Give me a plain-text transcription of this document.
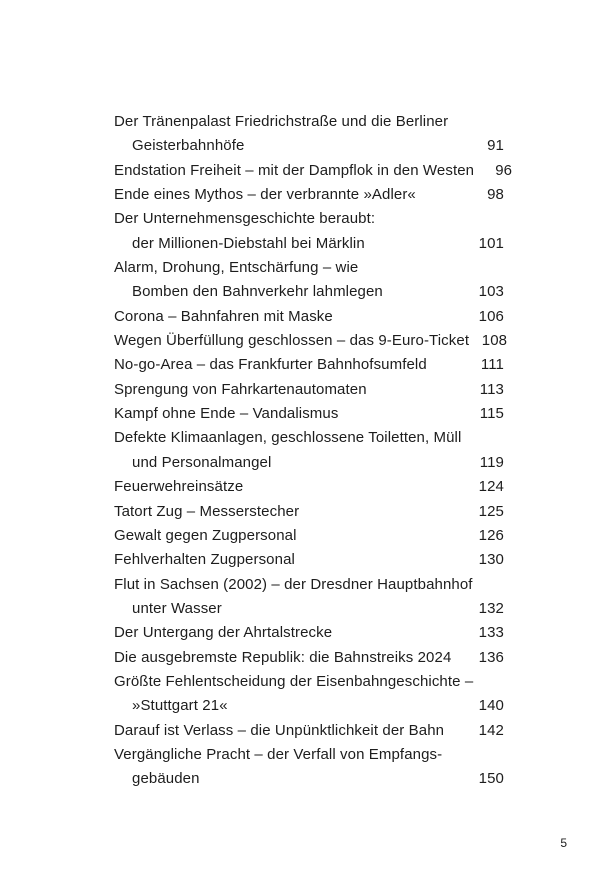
Der Tränenpalast Friedrichstraße und die Berliner
Geisterbahnhöfe	91
Endstation Freiheit – mit der Dampflok in den Westen	96
Ende eines Mythos – der verbrannte »Adler«	98
Der Unternehmensgeschichte beraubt:
der Millionen-Diebstahl bei Märklin	101
Alarm, Drohung, Entschärfung – wie
Bomben den Bahnverkehr lahmlegen	103
Corona – Bahnfahren mit Maske	106
Wegen Überfüllung geschlossen – das 9-Euro-Ticket 108
No-go-Area – das Frankfurter Bahnhofsumfeld	111
Sprengung von Fahrkartenautomaten	113
Kampf ohne Ende – Vandalismus	115
Defekte Klimaanlagen, geschlossene Toiletten, Müll
und Personalmangel	119
Feuerwehreinsätze	124
Tatort Zug – Messerstecher	125
Gewalt gegen Zugpersonal	126
Fehlverhalten Zugpersonal	130
Flut in Sachsen (2002) – der Dresdner Hauptbahnhof
unter Wasser	132
Der Untergang der Ahrtalstrecke	133
Die ausgebremste Republik: die Bahnstreiks 2024	136
Größte Fehlentscheidung der Eisenbahngeschichte –
»Stuttgart 21«	140
Darauf ist Verlass – die Unpünktlichkeit der Bahn	142
Vergängliche Pracht – der Verfall von Empfangs-
gebäuden	150
5
